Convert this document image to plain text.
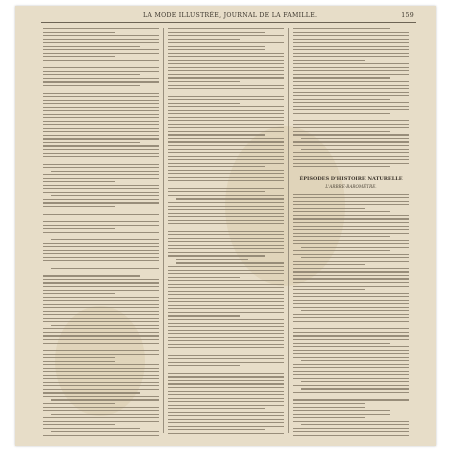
LA MODE ILLUSTRÉE, JOURNAL DE LA FAMILLE.	159
ÉPISODES D'HISTOIRE NATURELLE
L'ARBRE-BAROMÈTRE.
